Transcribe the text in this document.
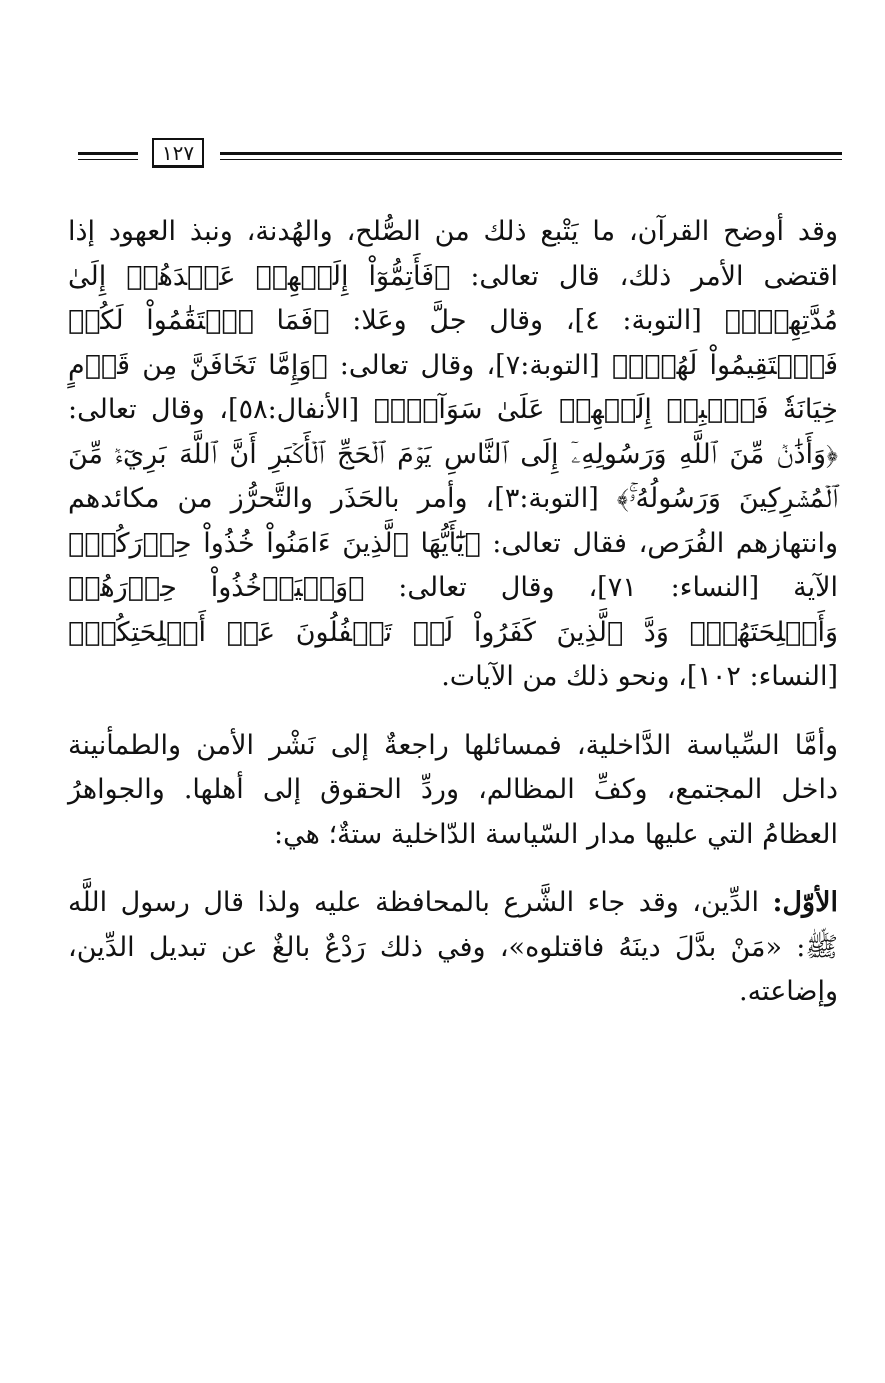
١٢٧

وقد أوضح القرآن، ما يَتْبع ذلك من الصُّلح، والهُدنة، ونبذ العهود إذا اقتضى الأمر ذلك، قال تعالى: ﴿فَأَتِمُّوٓاْ إِلَيۡهِمۡ عَهۡدَهُمۡ إِلَىٰ مُدَّتِهِمۡۚ﴾ [التوبة: ٤]، وقال جلَّ وعَلا: ﴿فَمَا ٱسۡتَقَٰمُواْ لَكُمۡ فَٱسۡتَقِيمُواْ لَهُمۡۚ﴾ [التوبة:٧]، وقال تعالى: ﴿وَإِمَّا تَخَافَنَّ مِن قَوۡمٍ خِيَانَةٗ فَٱنۢبِذۡ إِلَيۡهِمۡ عَلَىٰ سَوَآءٍۚ﴾ [الأنفال:٥٨]، وقال تعالى: ﴿وَأَذَٰنٞ مِّنَ ٱللَّهِ وَرَسُولِهِۦٓ إِلَى ٱلنَّاسِ يَوۡمَ ٱلۡحَجِّ ٱلۡأَكۡبَرِ أَنَّ ٱللَّهَ بَرِيٓءٞ مِّنَ ٱلۡمُشۡرِكِينَ وَرَسُولُهُۥۚ﴾ [التوبة:٣]، وأمر بالحَذَر والتَّحرُّز من مكائدهم وانتهازهم الفُرَص، فقال تعالى: ﴿يَٰٓأَيُّهَا ٱلَّذِينَ ءَامَنُواْ خُذُواْ حِذۡرَكُمۡ﴾ الآية [النساء: ٧١]، وقال تعالى: ﴿وَلۡيَأۡخُذُواْ حِذۡرَهُمۡ وَأَسۡلِحَتَهُمۡۗ وَدَّ ٱلَّذِينَ كَفَرُواْ لَوۡ تَغۡفُلُونَ عَنۡ أَسۡلِحَتِكُمۡ﴾ [النساء: ١٠٢]، ونحو ذلك من الآيات.

وأمَّا السِّياسة الدَّاخلية، فمسائلها راجعةٌ إلى نَشْر الأمن والطمأنينة داخل المجتمع، وكفِّ المظالم، وردِّ الحقوق إلى أهلها. والجواهرُ العظامُ التي عليها مدار السّياسة الدّاخلية ستةٌ؛ هي:

الأوّل: الدِّين، وقد جاء الشَّرع بالمحافظة عليه ولذا قال رسول اللَّه ﷺ: «مَنْ بدَّلَ دينَهُ فاقتلوه»، وفي ذلك رَدْعٌ بالغٌ عن تبديل الدِّين، وإضاعته.
